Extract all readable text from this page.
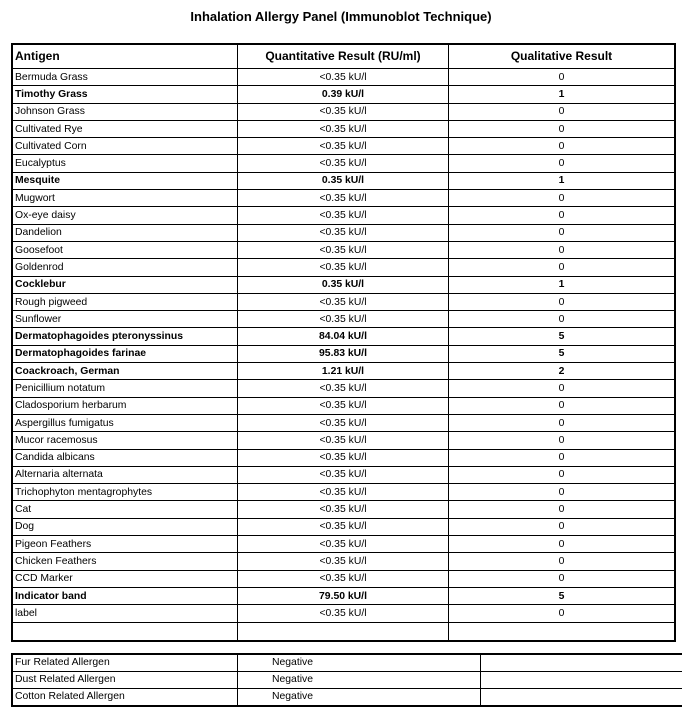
Inhalation Allergy Panel (Immunoblot Technique)
Antigen	Quantitative Result (RU/ml)	Qualitative Result
Bermuda Grass	<0.35 kU/l	0
Timothy Grass	0.39 kU/l	1
Johnson Grass	<0.35 kU/l	0
Cultivated Rye	<0.35 kU/l	0
Cultivated Corn	<0.35 kU/l	0
Eucalyptus	<0.35 kU/l	0
Mesquite	0.35 kU/l	1
Mugwort	<0.35 kU/l	0
Ox-eye daisy	<0.35 kU/l	0
Dandelion	<0.35 kU/l	0
Goosefoot	<0.35 kU/l	0
Goldenrod	<0.35 kU/l	0
Cocklebur	0.35 kU/l	1
Rough pigweed	<0.35 kU/l	0
Sunflower	<0.35 kU/l	0
Dermatophagoides pteronyssinus	84.04 kU/l	5
Dermatophagoides farinae	95.83 kU/l	5
Coackroach, German	1.21 kU/l	2
Penicillium notatum	<0.35 kU/l	0
Cladosporium herbarum	<0.35 kU/l	0
Aspergillus fumigatus	<0.35 kU/l	0
Mucor racemosus	<0.35 kU/l	0
Candida albicans	<0.35 kU/l	0
Alternaria alternata	<0.35 kU/l	0
Trichophyton mentagrophytes	<0.35 kU/l	0
Cat	<0.35 kU/l	0
Dog	<0.35 kU/l	0
Pigeon Feathers	<0.35 kU/l	0
Chicken Feathers	<0.35 kU/l	0
CCD Marker	<0.35 kU/l	0
Indicator band	79.50 kU/l	5
label	<0.35 kU/l	0

Fur Related Allergen	Negative	
Dust Related Allergen	Negative	
Cotton Related Allergen	Negative	
